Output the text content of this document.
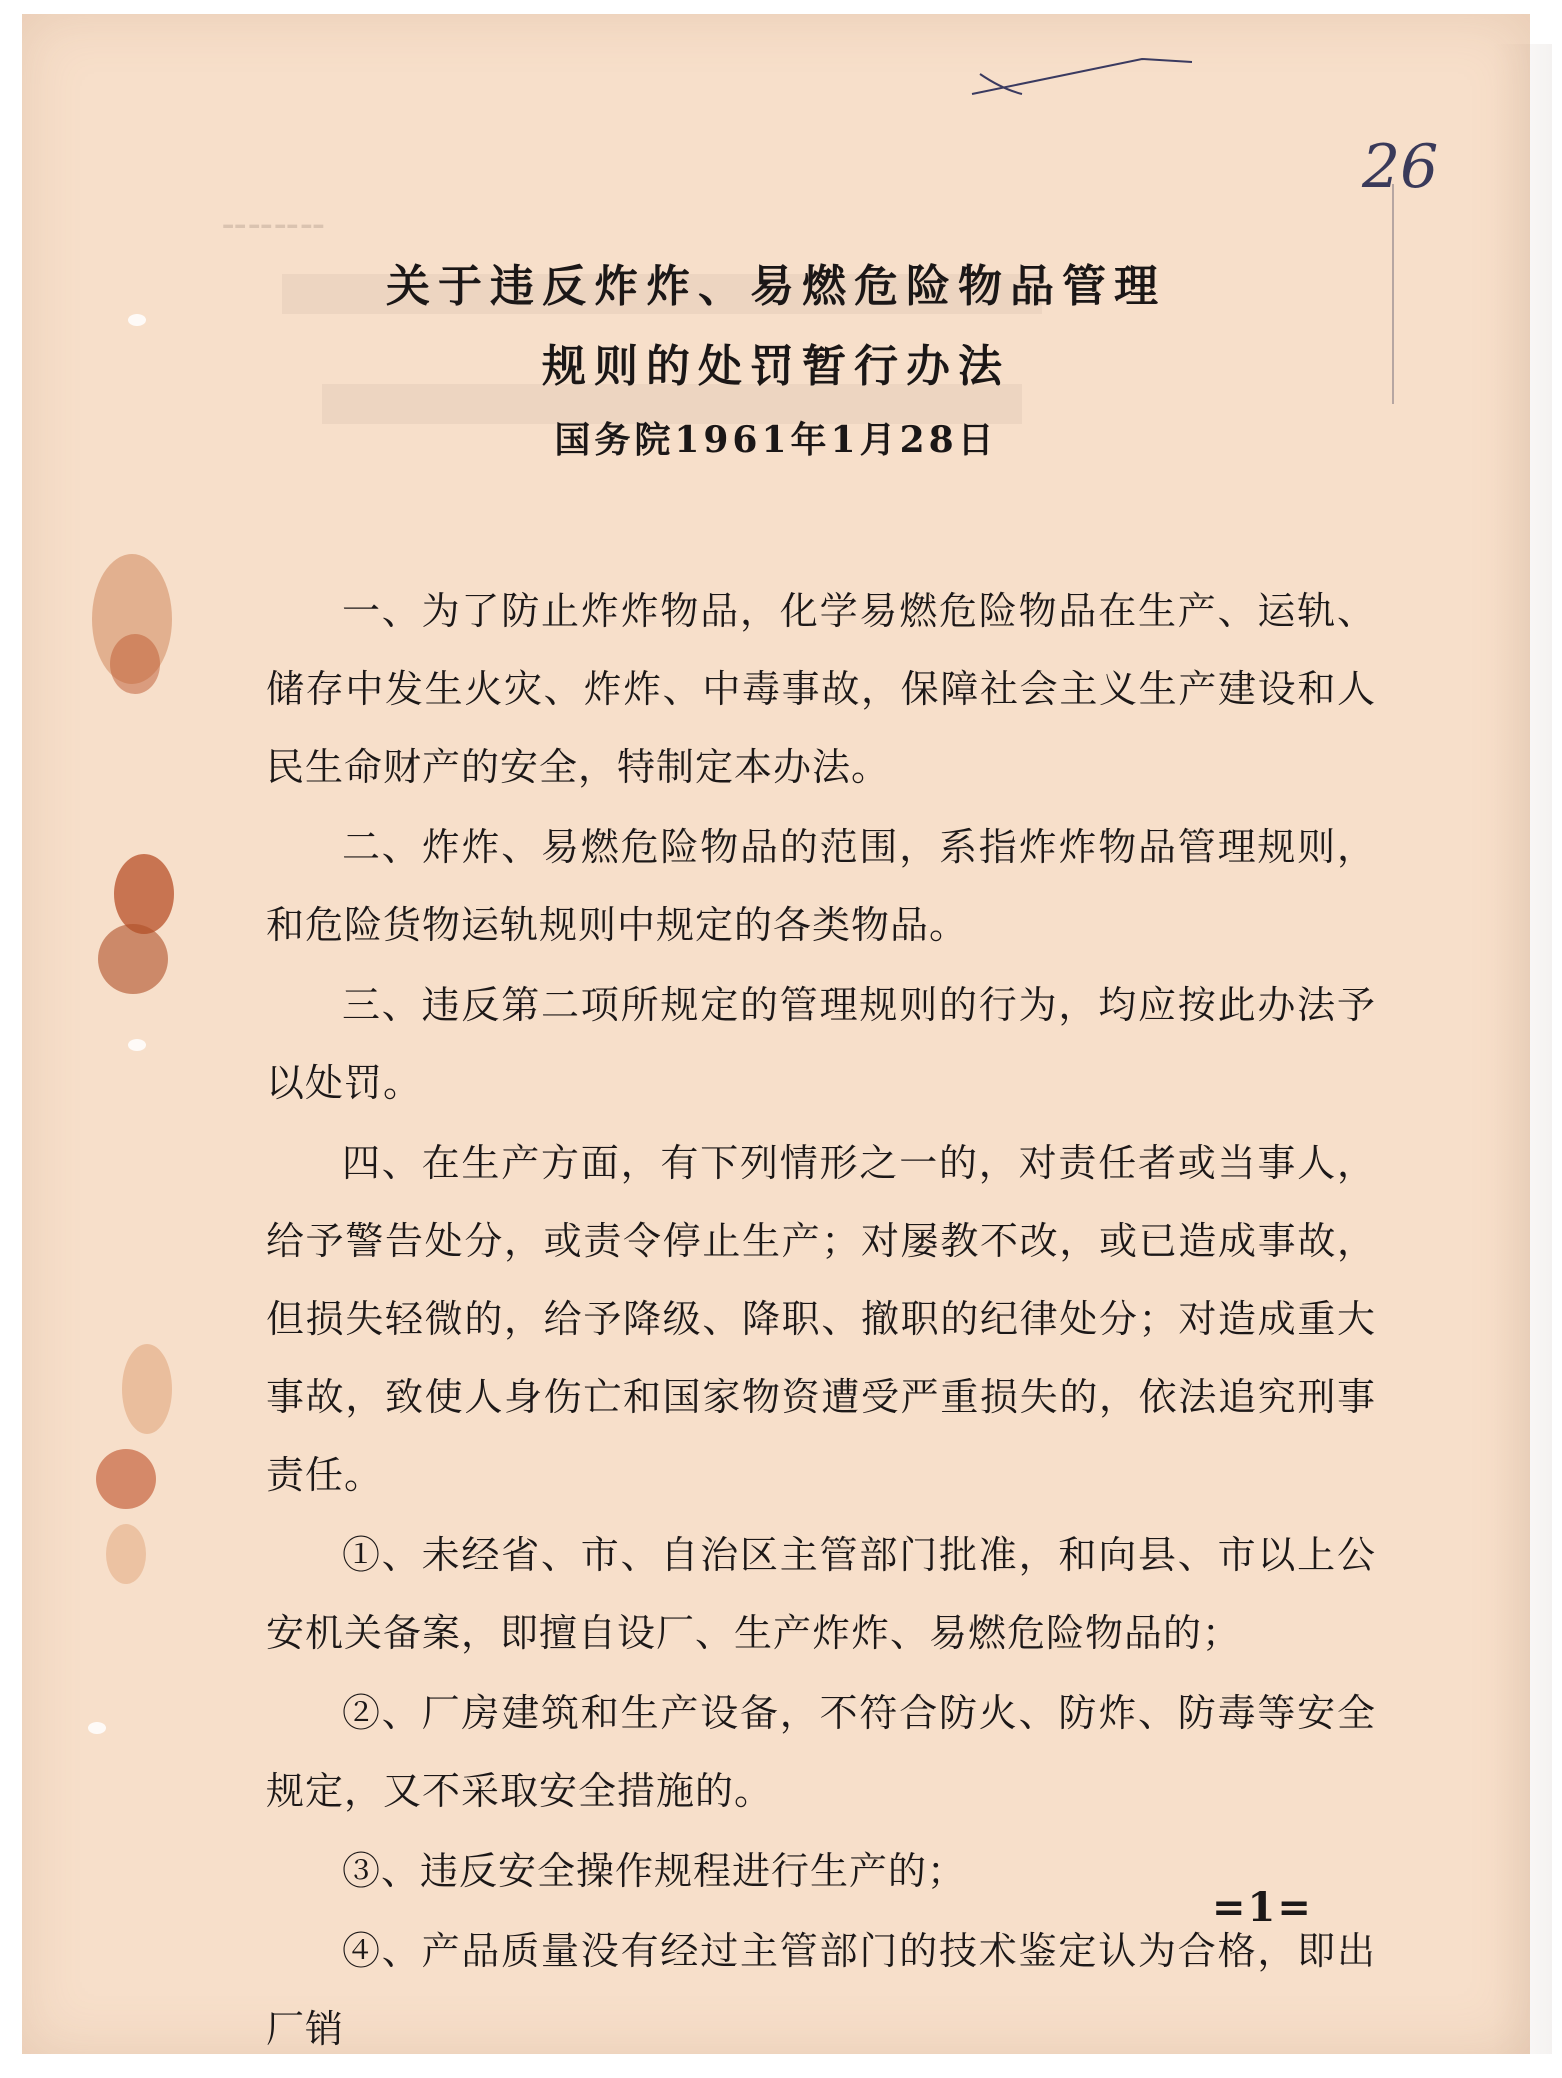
╌╌╌╌
26
关于违反炸炸、易燃危险物品管理
规则的处罚暂行办法
国务院1961年1月28日

一、为了防止炸炸物品，化学易燃危险物品在生产、运轨、储存中发生火灾、炸炸、中毒事故，保障社会主义生产建设和人民生命财产的安全，特制定本办法。

二、炸炸、易燃危险物品的范围，系指炸炸物品管理规则，和危险货物运轨规则中规定的各类物品。

三、违反第二项所规定的管理规则的行为，均应按此办法予以处罚。

四、在生产方面，有下列情形之一的，对责任者或当事人，给予警告处分，或责令停止生产；对屡教不改，或已造成事故，但损失轻微的，给予降级、降职、撤职的纪律处分；对造成重大事故，致使人身伤亡和国家物资遭受严重损失的，依法追究刑事责任。

①、未经省、市、自治区主管部门批准，和向县、市以上公安机关备案，即擅自设厂、生产炸炸、易燃危险物品的；

②、厂房建筑和生产设备，不符合防火、防炸、防毒等安全规定，又不采取安全措施的。

③、违反安全操作规程进行生产的；

④、产品质量没有经过主管部门的技术鉴定认为合格，即出厂销

=1=
